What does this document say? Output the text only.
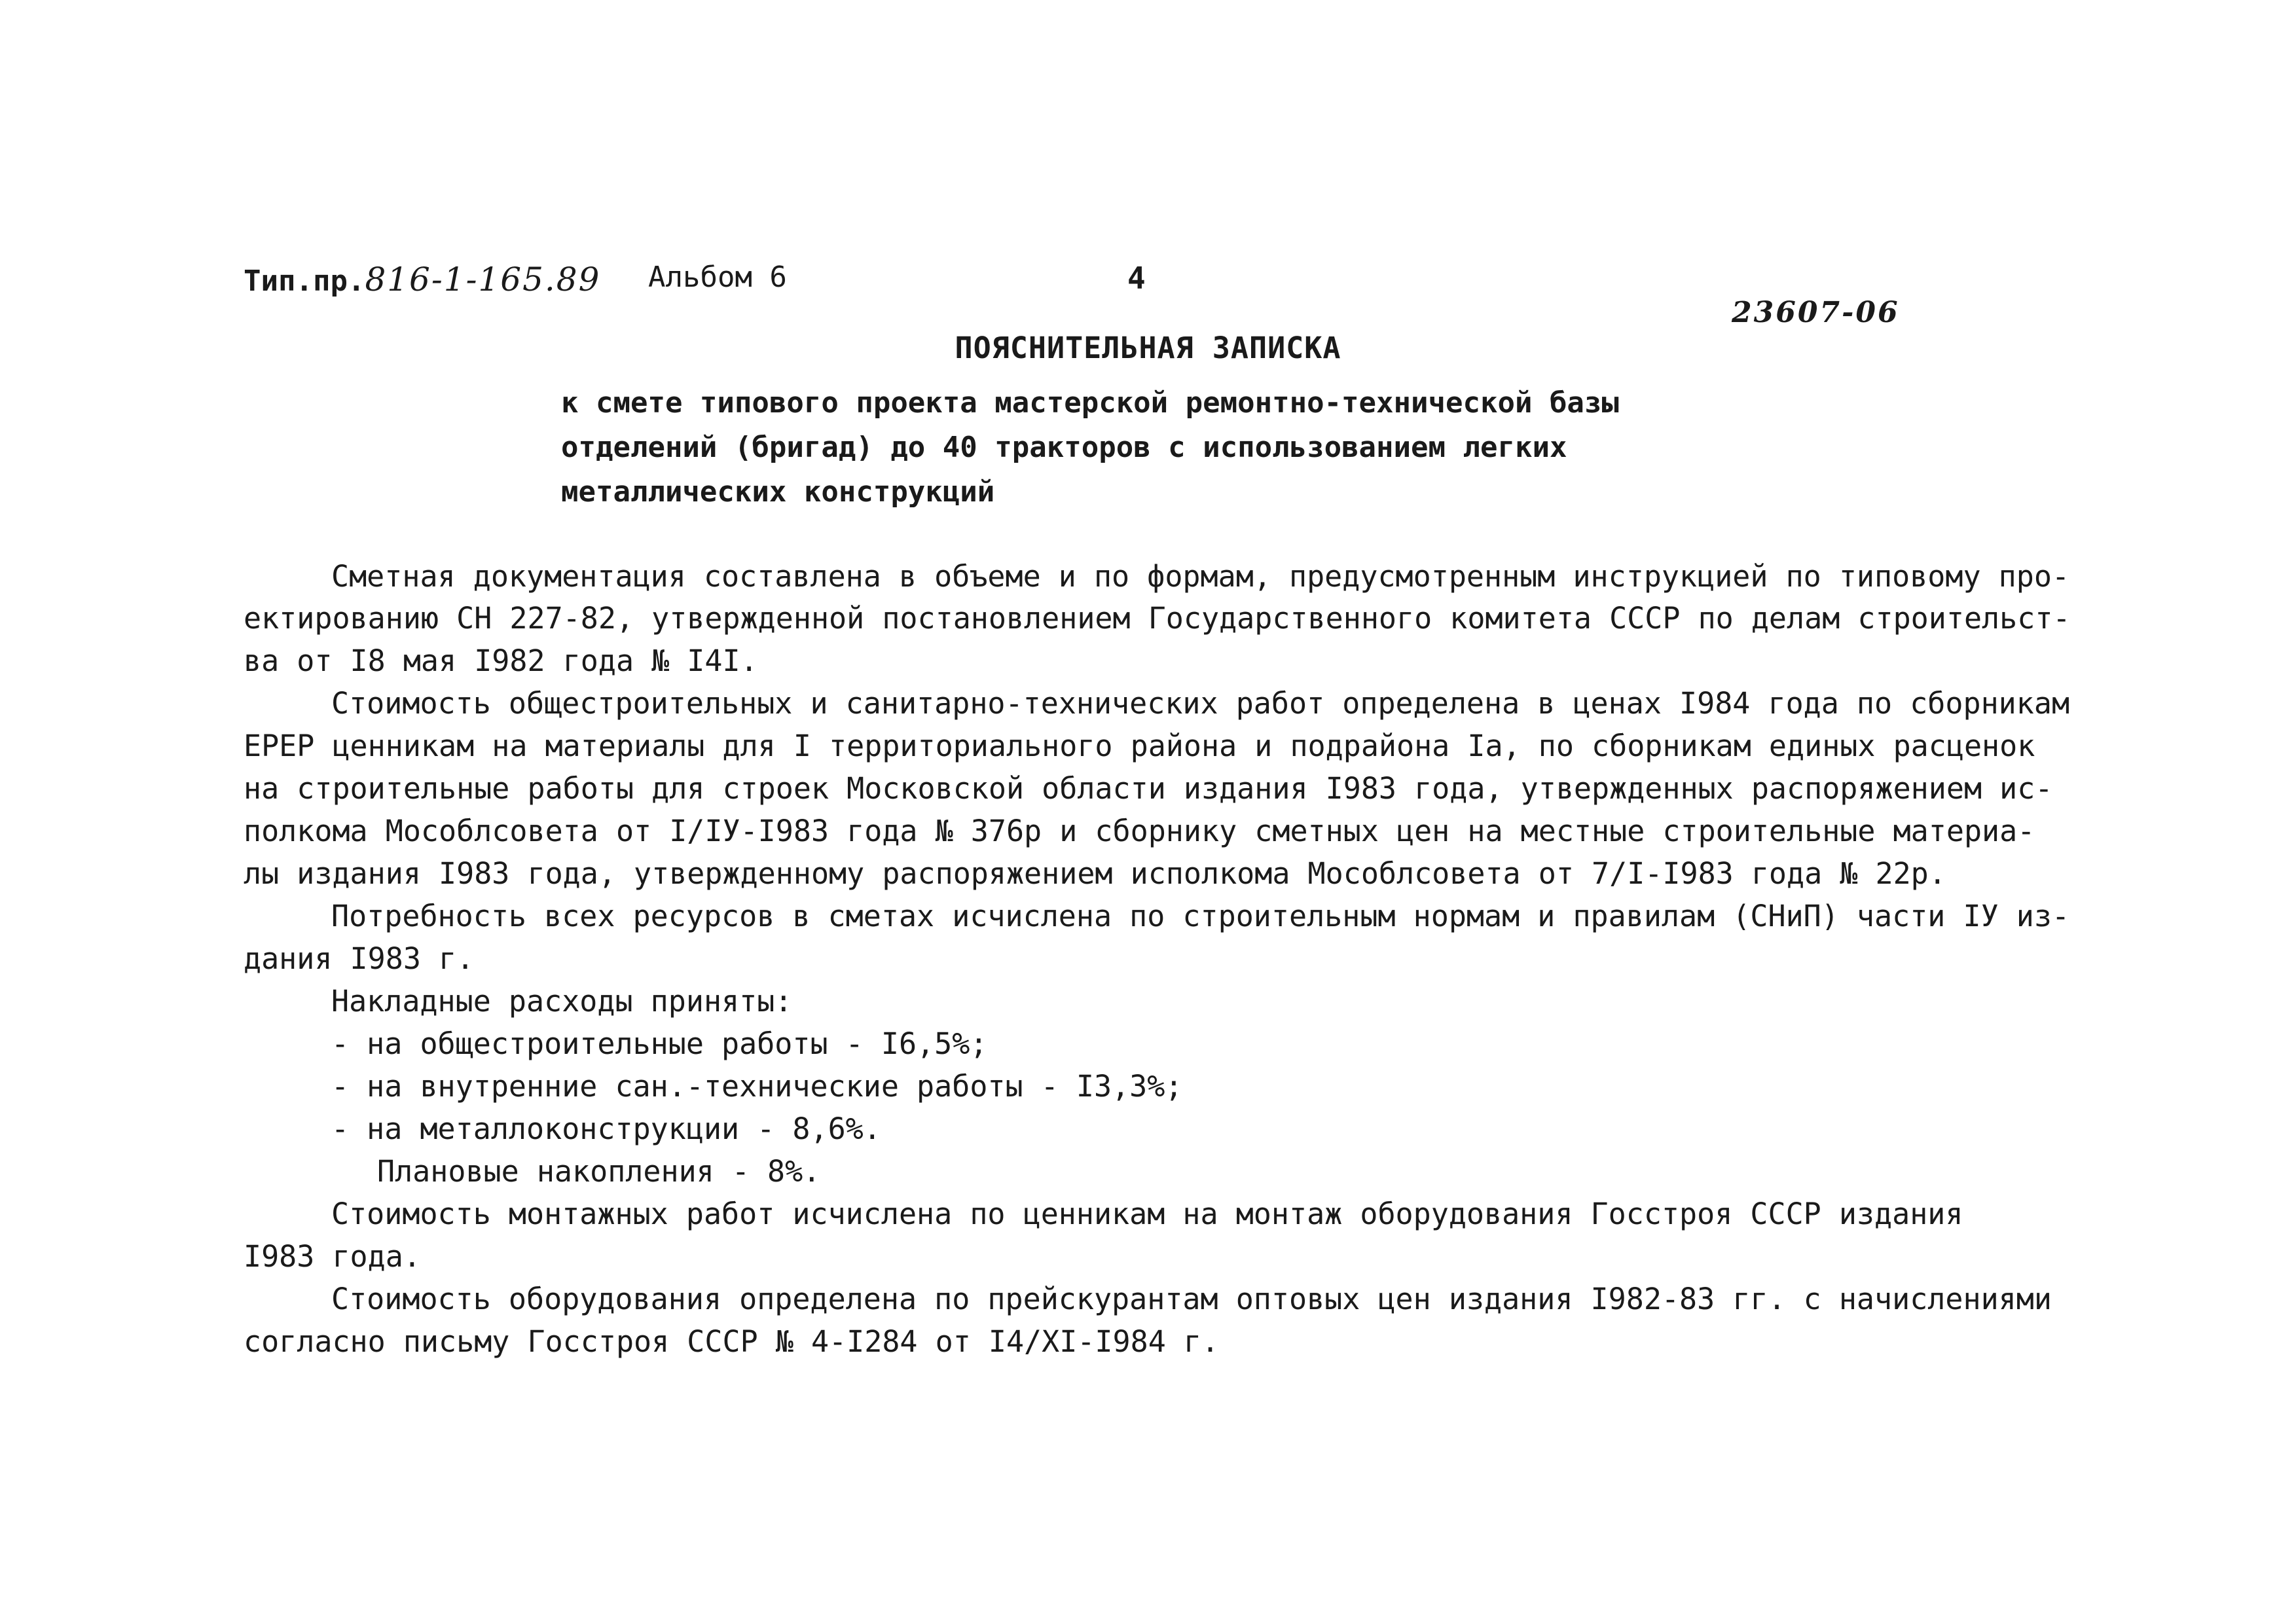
Тип.пр.816-1-165.89 Альбом 6	4
23607-06
ПОЯСНИТЕЛЬНАЯ ЗАПИСКА
к смете типового проекта мастерской ремонтно-технической базы
отделений (бригад) до 40 тракторов с использованием легких
металлических конструкций
Сметная документация составлена в объеме и по формам, предусмотренным инструкцией по типовому про-
ектированию СН 227-82, утвержденной постановлением Государственного комитета СССР по делам строительст-
ва от I8 мая I982 года № I4I.
Стоимость общестроительных и санитарно-технических работ определена в ценах I984 года по сборникам
ЕРЕР ценникам на материалы для I территориального района и подрайона Iа, по сборникам единых расценок
на строительные работы для строек Московской области издания I983 года, утвержденных распоряжением ис-
полкома Мособлсовета от I/IУ-I983 года № 376р и сборнику сметных цен на местные строительные материа-
лы издания I983 года, утвержденному распоряжением исполкома Мособлсовета от 7/I-I983 года № 22р.
Потребность всех ресурсов в сметах исчислена по строительным нормам и правилам (СНиП) части IУ из-
дания I983 г.
Накладные расходы приняты:
- на общестроительные работы - I6,5%;
- на внутренние сан.-технические работы - I3,3%;
- на металлоконструкции - 8,6%.
Плановые накопления - 8%.
Стоимость монтажных работ исчислена по ценникам на монтаж оборудования Госстроя СССР издания
I983 года.
Стоимость оборудования определена по прейскурантам оптовых цен издания I982-83 гг. с начислениями
согласно письму Госстроя СССР № 4-I284 от I4/XI-I984 г.
